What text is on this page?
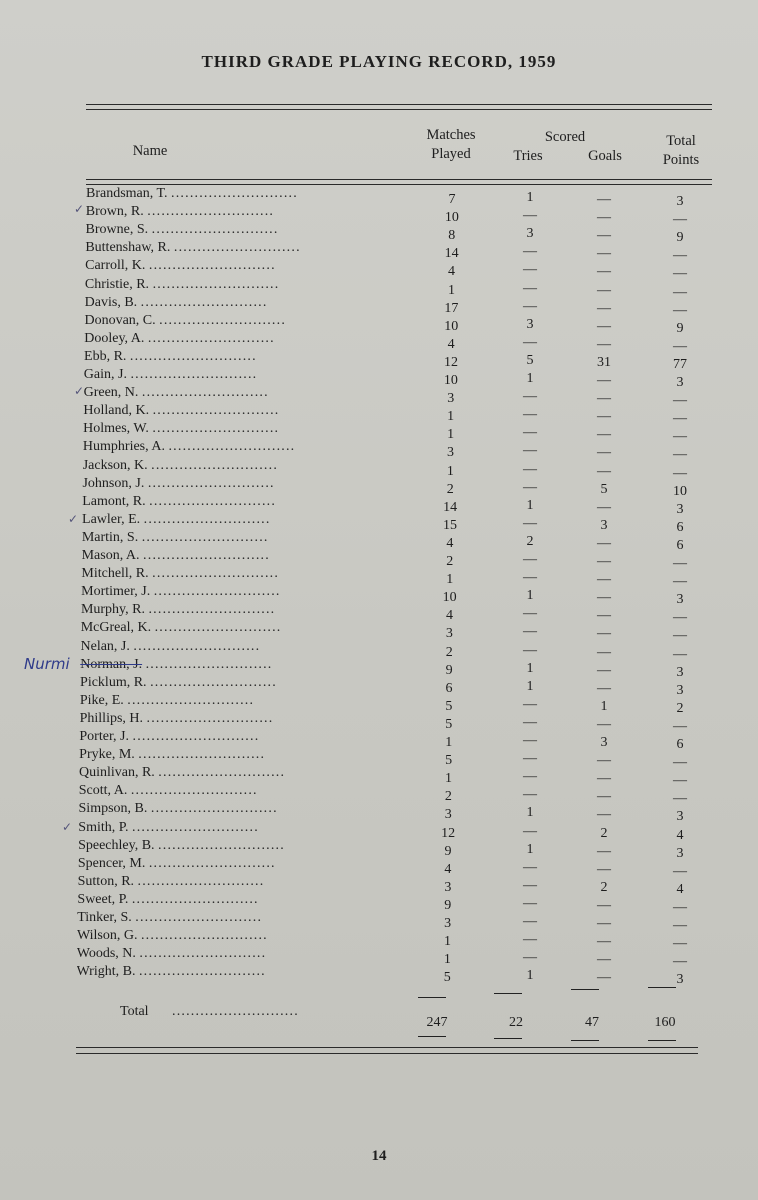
THIRD GRADE PLAYING RECORD, 1959
Name
Matches
Played
Scored
Tries	Goals
Total
Points
Brandsman, T. ...........................	7	1	—	3
Brown, R. ...........................	10	—	—	—
Browne, S. ...........................	8	3	—	9
Buttenshaw, R. ...........................	14	—	—	—
Carroll, K. ...........................	4	—	—	—
Christie, R. ...........................	1	—	—	—
Davis, B. ...........................	17	—	—	—
Donovan, C. ...........................	10	3	—	9
Dooley, A. ...........................	4	—	—	—
Ebb, R. ...........................	12	5	31	77
Gain, J. ...........................	10	1	—	3
Green, N. ...........................	3	—	—	—
Holland, K. ...........................	1	—	—	—
Holmes, W. ...........................	1	—	—	—
Humphries, A. ...........................	3	—	—	—
Jackson, K. ...........................	1	—	—	—
Johnson, J. ...........................	2	—	5	10
Lamont, R. ...........................	14	1	—	3
Lawler, E. ...........................	15	—	3	6
Martin, S. ...........................	4	2	—	6
Mason, A. ...........................	2	—	—	—
Mitchell, R. ...........................	1	—	—	—
Mortimer, J. ...........................	10	1	—	3
Murphy, R. ...........................	4	—	—	—
McGreal, K. ...........................	3	—	—	—
Nelan, J. ...........................	2	—	—	—
Norman, J. ...........................	9	1	—	3
Picklum, R. ...........................	6	1	—	3
Pike, E. ...........................	5	—	1	2
Phillips, H. ...........................	5	—	—	—
Porter, J. ...........................	1	—	3	6
Pryke, M. ...........................	5	—	—	—
Quinlivan, R. ...........................	1	—	—	—
Scott, A. ...........................	2	—	—	—
Simpson, B. ...........................	3	1	—	3
Smith, P. ...........................	12	—	2	4
Speechley, B. ...........................	9	1	—	3
Spencer, M. ...........................	4	—	—	—
Sutton, R. ...........................	3	—	2	4
Sweet, P. ...........................	9	—	—	—
Tinker, S. ...........................	3	—	—	—
Wilson, G. ...........................	1	—	—	—
Woods, N. ...........................	1	—	—	—
Wright, B. ...........................	5	1	—	3
Nurmi
✓
✓
✓
✓
Total ...........................
247	22	47	160
14
